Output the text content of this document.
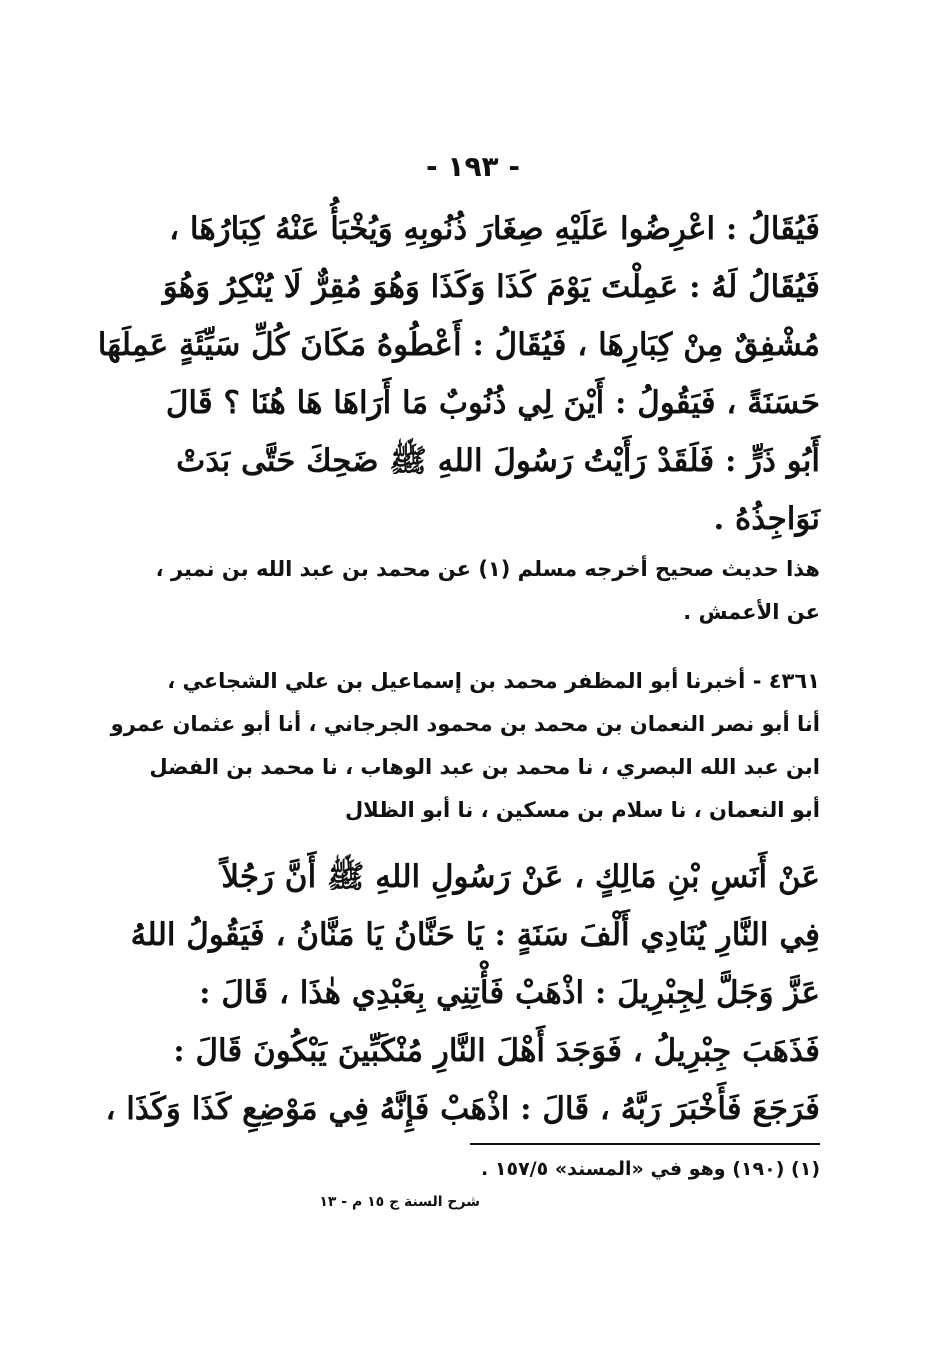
- ١٩٣ -
فَيُقَالُ : اعْرِضُوا عَلَيْهِ صِغَارَ ذُنُوبِهِ وَيُخْبَأُ عَنْهُ كِبَارُهَا ،
فَيُقَالُ لَهُ : عَمِلْتَ يَوْمَ كَذَا وَكَذَا وَهُوَ مُقِرٌّ لَا يُنْكِرُ وَهُوَ
مُشْفِقٌ مِنْ كِبَارِهَا ، فَيُقَالُ : أَعْطُوهُ مَكَانَ كُلِّ سَيِّئَةٍ عَمِلَهَا
حَسَنَةً ، فَيَقُولُ : أَيْنَ لِي ذُنُوبٌ مَا أَرَاهَا هَا هُنَا ؟ قَالَ
أَبُو ذَرٍّ : فَلَقَدْ رَأَيْتُ رَسُولَ اللهِ ﷺ ضَحِكَ حَتَّى بَدَتْ
نَوَاجِذُهُ .
هذا حديث صحيح أخرجه مسلم (١) عن محمد بن عبد الله بن نمير ،
عن الأعمش .
٤٣٦١ - أخبرنا أبو المظفر محمد بن إسماعيل بن علي الشجاعي ،
أنا أبو نصر النعمان بن محمد بن محمود الجرجاني ، أنا أبو عثمان عمرو
ابن عبد الله البصري ، نا محمد بن عبد الوهاب ، نا محمد بن الفضل
أبو النعمان ، نا سلام بن مسكين ، نا أبو الظلال
عَنْ أَنَسِ بْنِ مَالِكٍ ، عَنْ رَسُولِ اللهِ ﷺ أَنَّ رَجُلاً
فِي النَّارِ يُنَادِي أَلْفَ سَنَةٍ : يَا حَنَّانُ يَا مَنَّانُ ، فَيَقُولُ اللهُ
عَزَّ وَجَلَّ لِجِبْرِيلَ : اذْهَبْ فَأْتِنِي بِعَبْدِي هٰذَا ، قَالَ :
فَذَهَبَ جِبْرِيلُ ، فَوَجَدَ أَهْلَ النَّارِ مُنْكَبِّينَ يَبْكُونَ قَالَ :
فَرَجَعَ فَأَخْبَرَ رَبَّهُ ، قَالَ : اذْهَبْ فَإِنَّهُ فِي مَوْضِعِ كَذَا وَكَذَا ،
(١) (١٩٠) وهو في «المسند» ١٥٧/٥ .
شرح السنة ج ١٥ م - ١٣
